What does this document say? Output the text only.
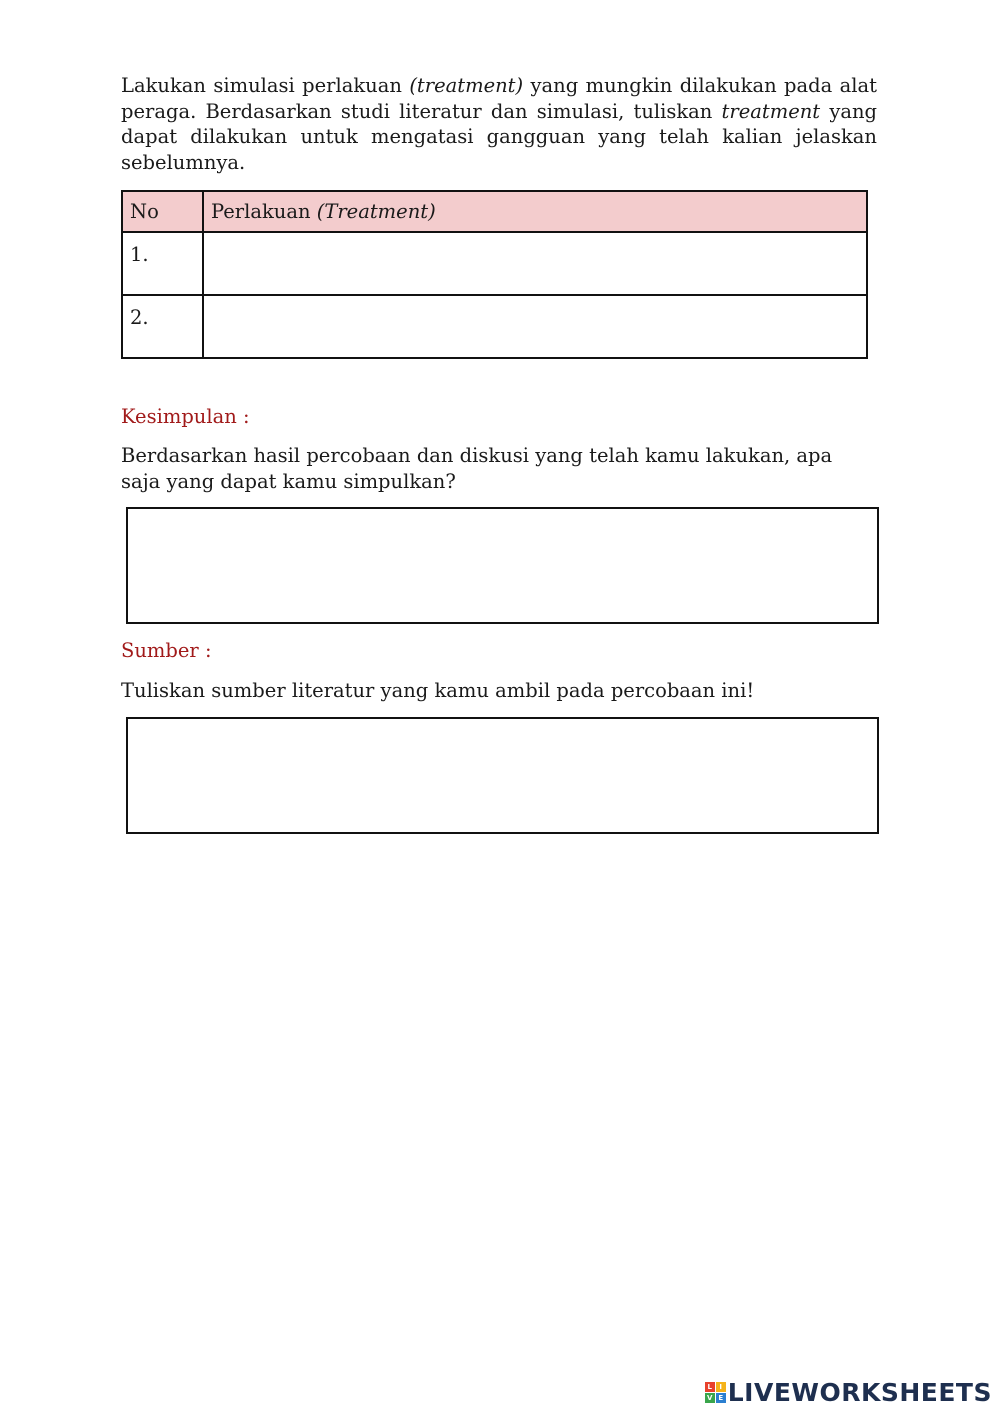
Lakukan simulasi perlakuan (treatment) yang mungkin dilakukan pada alat peraga. Berdasarkan studi literatur dan simulasi, tuliskan treatment yang dapat dilakukan untuk mengatasi gangguan yang telah kalian jelaskan sebelumnya.

No	Perlakuan (Treatment)
1.	
2.	
Kesimpulan :

Berdasarkan hasil percobaan dan diskusi yang telah kamu lakukan, apa saja yang dapat kamu simpulkan?

Sumber :

Tuliskan sumber literatur yang kamu ambil pada percobaan ini!

L	I
V E LIVEWORKSHEETS
